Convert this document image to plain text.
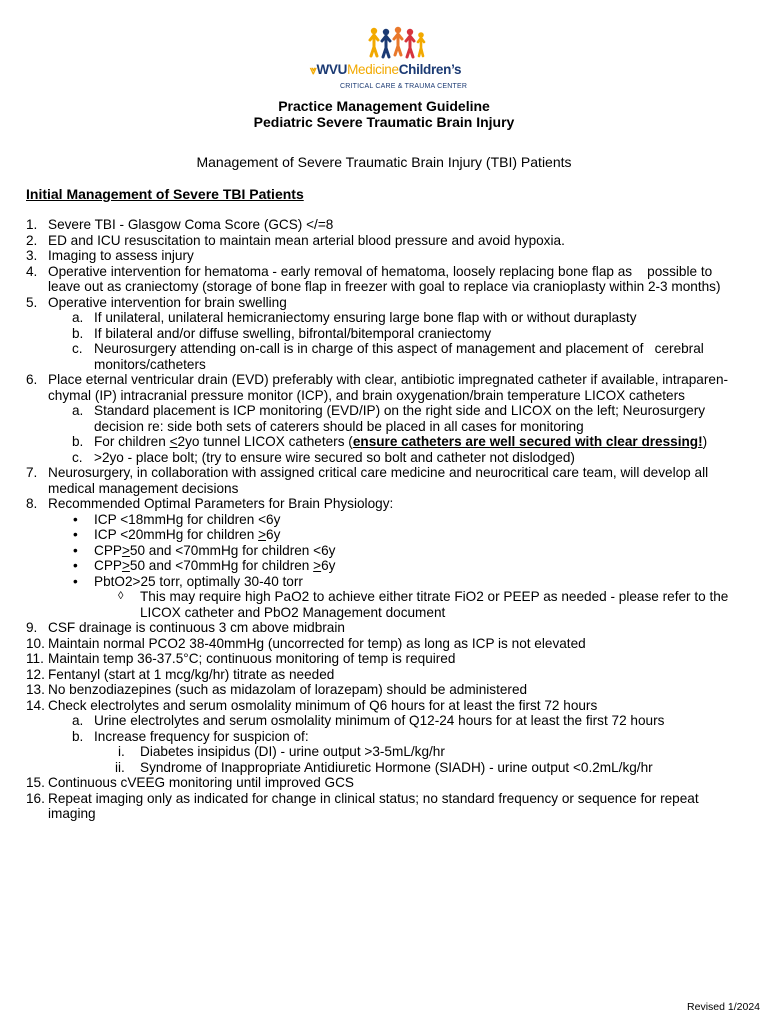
⩔WVUMedicineChildren’s
CRITICAL CARE & TRAUMA CENTER
Practice Management Guideline
Pediatric Severe Traumatic Brain Injury
Management of Severe Traumatic Brain Injury (TBI) Patients
Initial Management of Severe TBI Patients
1. Severe TBI - Glasgow Coma Score (GCS) </=8
2. ED and ICU resuscitation to maintain mean arterial blood pressure and avoid hypoxia.
3. Imaging to assess injury
4. Operative intervention for hematoma - early removal of hematoma, loosely replacing bone flap as    possible to
leave out as craniectomy (storage of bone flap in freezer with goal to replace via cranioplasty within 2-3 months)
5. Operative intervention for brain swelling
a. If unilateral, unilateral hemicraniectomy ensuring large bone flap with or without duraplasty
b. If bilateral and/or diffuse swelling, bifrontal/bitemporal craniectomy
c. Neurosurgery attending on-call is in charge of this aspect of management and placement of   cerebral
monitors/catheters
6. Place eternal ventricular drain (EVD) preferably with clear, antibiotic impregnated catheter if available, intraparen-
chymal (IP) intracranial pressure monitor (ICP), and brain oxygenation/brain temperature LICOX catheters
a. Standard placement is ICP monitoring (EVD/IP) on the right side and LICOX on the left; Neurosurgery
decision re: side both sets of caterers should be placed in all cases for monitoring
b. For children <2yo tunnel LICOX catheters (ensure catheters are well secured with clear dressing!)
c. >2yo - place bolt; (try to ensure wire secured so bolt and catheter not dislodged)
7. Neurosurgery, in collaboration with assigned critical care medicine and neurocritical care team, will develop all
medical management decisions
8. Recommended Optimal Parameters for Brain Physiology:
• ICP <18mmHg for children <6y
• ICP <20mmHg for children >6y
• CPP>50 and <70mmHg for children <6y
• CPP>50 and <70mmHg for children >6y
• PbtO2>25 torr, optimally 30-40 torr
◊ This may require high PaO2 to achieve either titrate FiO2 or PEEP as needed - please refer to the
LICOX catheter and PbO2 Management document
9. CSF drainage is continuous 3 cm above midbrain
10. Maintain normal PCO2 38-40mmHg (uncorrected for temp) as long as ICP is not elevated
11. Maintain temp 36-37.5°C; continuous monitoring of temp is required
12. Fentanyl (start at 1 mcg/kg/hr) titrate as needed
13. No benzodiazepines (such as midazolam of lorazepam) should be administered
14. Check electrolytes and serum osmolality minimum of Q6 hours for at least the first 72 hours
a. Urine electrolytes and serum osmolality minimum of Q12-24 hours for at least the first 72 hours
b. Increase frequency for suspicion of:
i. Diabetes insipidus (DI) - urine output >3-5mL/kg/hr
ii. Syndrome of Inappropriate Antidiuretic Hormone (SIADH) - urine output <0.2mL/kg/hr
15. Continuous cVEEG monitoring until improved GCS
16. Repeat imaging only as indicated for change in clinical status; no standard frequency or sequence for repeat
imaging
Revised 1/2024
